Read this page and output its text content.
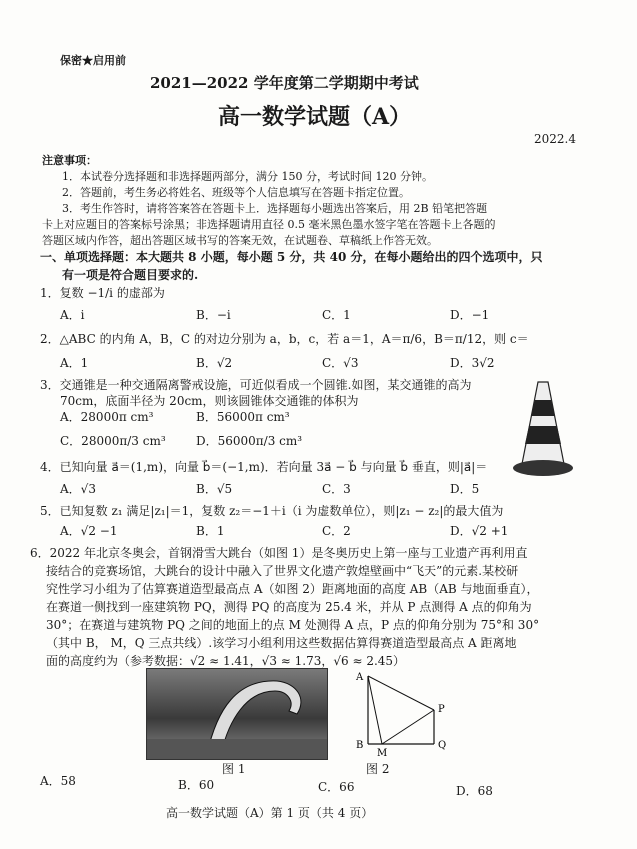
保密★启用前
2021—2022 学年度第二学期期中考试
高一数学试题（A）
2022.4
注意事项：
1．本试卷分选择题和非选择题两部分，满分 150 分，考试时间 120 分钟。
2．答题前，考生务必将姓名、班级等个人信息填写在答题卡指定位置。
3．考生作答时，请将答案答在答题卡上．选择题每小题选出答案后，用 2B 铅笔把答题
卡上对应题目的答案标号涂黑；非选择题请用直径 0.5 毫米黑色墨水签字笔在答题卡上各题的
答题区域内作答，超出答题区域书写的答案无效，在试题卷、草稿纸上作答无效。
一、单项选择题：本大题共 8 小题，每小题 5 分，共 40 分，在每小题给出的四个选项中，只
有一项是符合题目要求的.
1．复数 −1/i 的虚部为
A．i	B．−i	C．1	D．−1
2．△ABC 的内角 A，B，C 的对边分别为 a，b，c，若 a＝1，A＝π/6，B＝π/12，则 c＝
A．1	B．√2	C．√3	D．3√2
3．交通锥是一种交通隔离警戒设施，可近似看成一个圆锥.如图，某交通锥的高为
70cm，底面半径为 20cm，则该圆锥体交通锥的体积为
A．28000π cm³	B．56000π cm³
C．28000π/3 cm³	D．56000π/3 cm³
4．已知向量 a⃗＝(1,m)，向量 b⃗＝(−1,m)．若向量 3a⃗ − b⃗ 与向量 b⃗ 垂直，则|a⃗|＝
A．√3	B．√5	C．3	D．5
5．已知复数 z₁ 满足|z₁|＝1，复数 z₂＝−1＋i（i 为虚数单位），则|z₁ − z₂|的最大值为
A．√2 −1	B．1	C．2	D．√2 +1
6．2022 年北京冬奥会，首钢滑雪大跳台（如图 1）是冬奥历史上第一座与工业遗产再利用直
接结合的竞赛场馆，大跳台的设计中融入了世界文化遗产敦煌壁画中“飞天”的元素.某校研
究性学习小组为了估算赛道造型最高点 A（如图 2）距离地面的高度 AB（AB 与地面垂直），
在赛道一侧找到一座建筑物 PQ，测得 PQ 的高度为 25.4 米，并从 P 点测得 A 点的仰角为
30°；在赛道与建筑物 PQ 之间的地面上的点 M 处测得 A 点，P 点的仰角分别为 75°和 30°
（其中 B， M，Q 三点共线）.该学习小组利用这些数据估算得赛道造型最高点 A 距离地
面的高度约为（参考数据：√2 ≈ 1.41，√3 ≈ 1.73，√6 ≈ 2.45）
图 1
A
B
M
P
Q
图 2
A．58	B．60	C．66	D．68
高一数学试题（A）第 1 页（共 4 页）
